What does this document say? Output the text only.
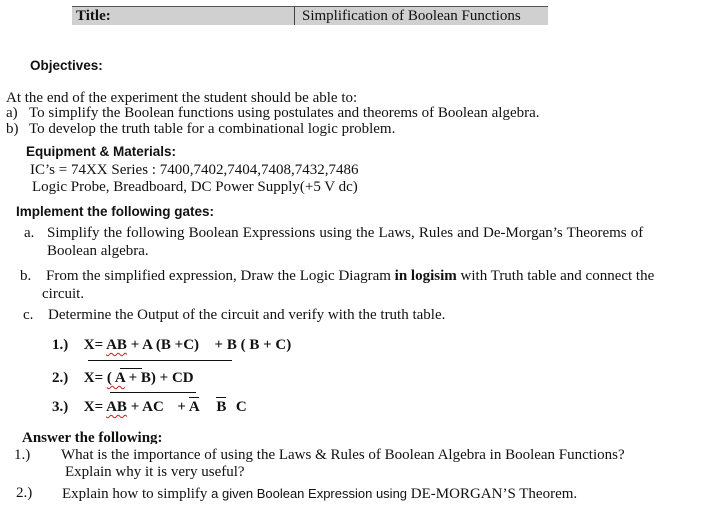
Title:	Simplification of Boolean Functions
Objectives:
At the end of the experiment the student should be able to:
a) To simplify the Boolean functions using postulates and theorems of Boolean algebra.
b) To develop the truth table for a combinational logic problem.
Equipment & Materials:
IC’s = 74XX Series : 7400,7402,7404,7408,7432,7486
Logic Probe, Breadboard, DC Power Supply(+5 V dc)
Implement the following gates:
a. Simplify the following Boolean Expressions using the Laws, Rules and De-Morgan’s Theorems of
Boolean algebra.
b. From the simplified expression, Draw the Logic Diagram in logisim with Truth table and connect the
circuit.
c. Determine the Output of the circuit and verify with the truth table.
1.) X= AB + A (B +C) + B ( B + C)
2.) X= ( A + B) + CD
3.) X= AB + AC + A B C
Answer the following:
1.) What is the importance of using the Laws & Rules of Boolean Algebra in Boolean Functions?
Explain why it is very useful?
2.) Explain how to simplify a given Boolean Expression using DE-MORGAN’S Theorem.
